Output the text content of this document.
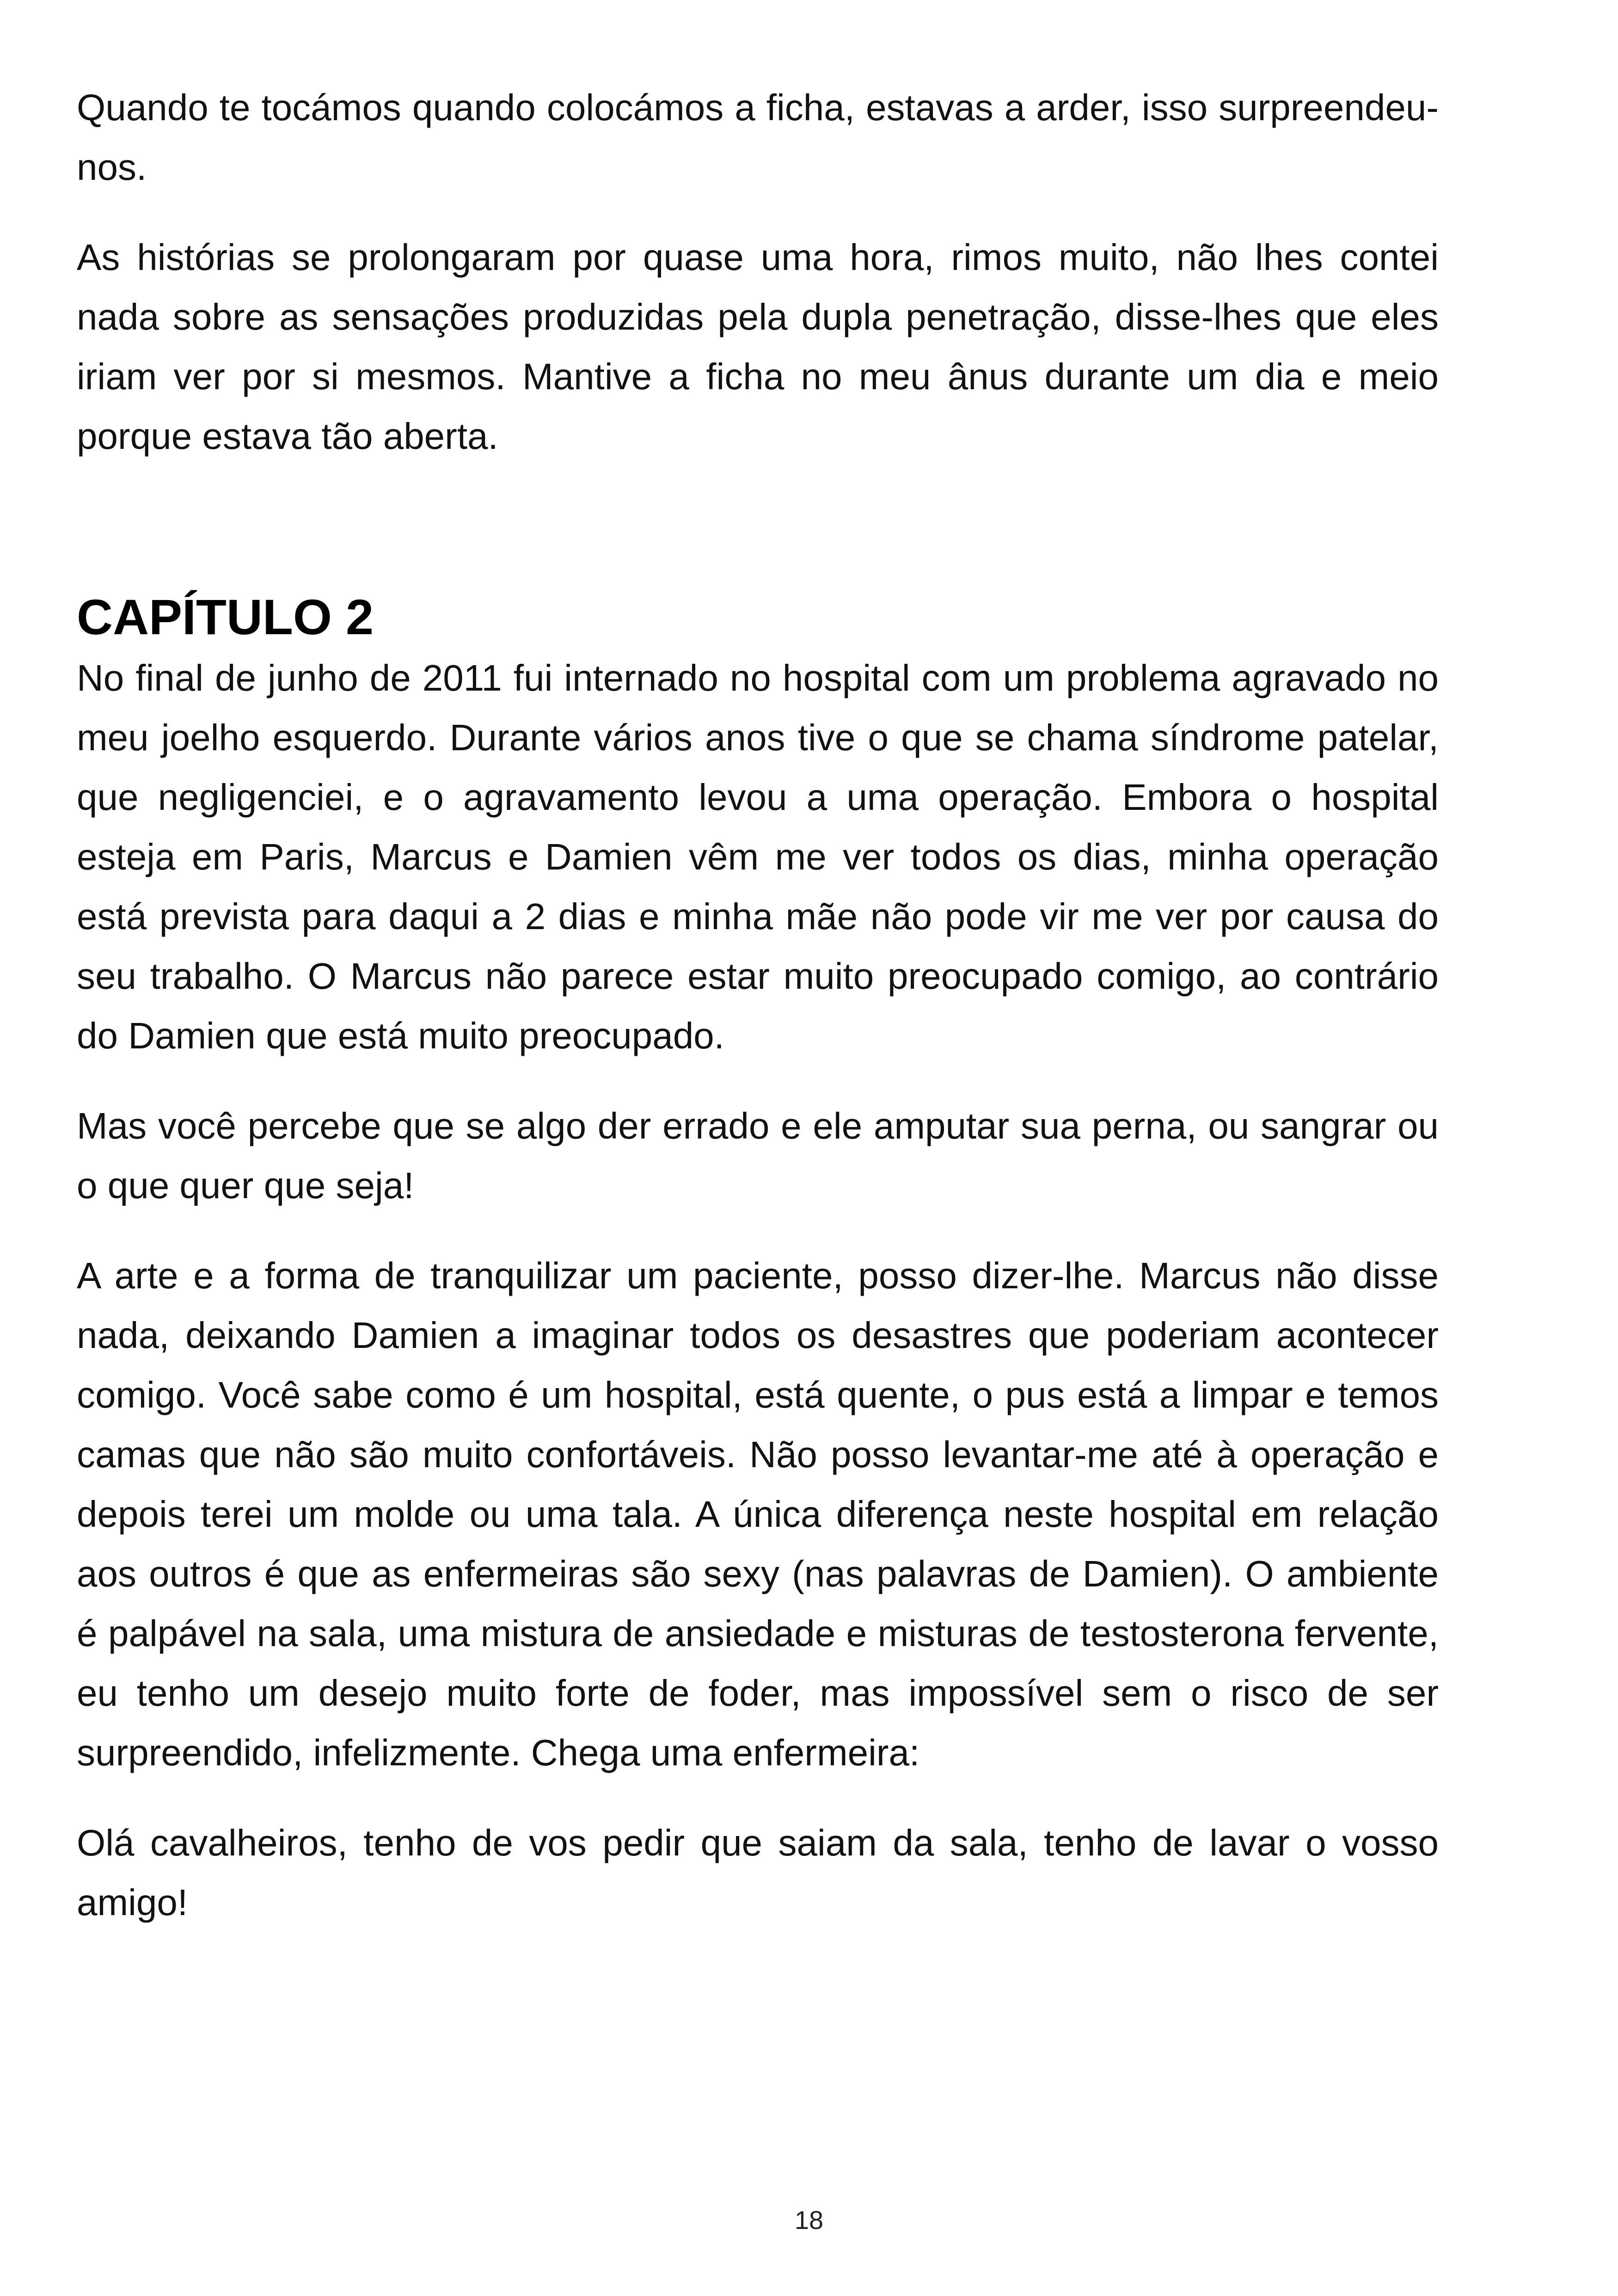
Quando te tocámos quando colocámos a ficha, estavas a arder, isso surpreendeu-nos.

As histórias se prolongaram por quase uma hora, rimos muito, não lhes contei nada sobre as sensações produzidas pela dupla penetração, disse-lhes que eles iriam ver por si mesmos. Mantive a ficha no meu ânus durante um dia e meio porque estava tão aberta.

CAPÍTULO 2

No final de junho de 2011 fui internado no hospital com um problema agravado no meu joelho esquerdo. Durante vários anos tive o que se chama síndrome patelar, que negligenciei, e o agravamento levou a uma operação. Embora o hospital esteja em Paris, Marcus e Damien vêm me ver todos os dias, minha operação está prevista para daqui a 2 dias e minha mãe não pode vir me ver por causa do seu trabalho. O Marcus não parece estar muito preocupado comigo, ao contrário do Damien que está muito preocupado.

Mas você percebe que se algo der errado e ele amputar sua perna, ou sangrar ou o que quer que seja!

A arte e a forma de tranquilizar um paciente, posso dizer-lhe. Marcus não disse nada, deixando Damien a imaginar todos os desastres que poderiam acontecer comigo. Você sabe como é um hospital, está quente, o pus está a limpar e temos camas que não são muito confortáveis. Não posso levantar-me até à operação e depois terei um molde ou uma tala. A única diferença neste hospital em relação aos outros é que as enfermeiras são sexy (nas palavras de Damien). O ambiente é palpável na sala, uma mistura de ansiedade e misturas de testosterona fervente, eu tenho um desejo muito forte de foder, mas impossível sem o risco de ser surpreendido, infelizmente. Chega uma enfermeira:

Olá cavalheiros, tenho de vos pedir que saiam da sala, tenho de lavar o vosso amigo!

18
